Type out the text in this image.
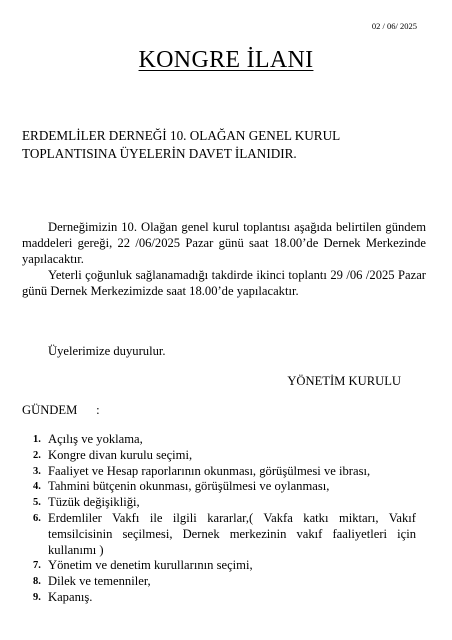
02 / 06/ 2025
KONGRE İLANI
ERDEMLİLER DERNEĞİ 10. OLAĞAN GENEL KURUL TOPLANTISINA ÜYELERİN DAVET İLANIDIR.

Derneğimizin 10. Olağan genel kurul toplantısı aşağıda belirtilen gündem maddeleri gereği, 22 /06/2025 Pazar günü saat 18.00’de Dernek Merkezinde yapılacaktır.

Yeterli çoğunluk sağlanamadığı takdirde ikinci toplantı 29 /06 /2025 Pazar günü Dernek Merkezimizde saat 18.00’de yapılacaktır.

Üyelerimize duyurulur.

YÖNETİM KURULU
GÜNDEM      :
1. Açılış ve yoklama,
2. Kongre divan kurulu seçimi,
3. Faaliyet ve Hesap raporlarının okunması, görüşülmesi ve ibrası,
4. Tahmini bütçenin okunması, görüşülmesi ve oylanması,
5. Tüzük değişikliği,
6. Erdemliler Vakfı ile ilgili kararlar,( Vakfa katkı miktarı, Vakıf temsilcisinin seçilmesi, Dernek merkezinin vakıf faaliyetleri için kullanımı )
7. Yönetim ve denetim kurullarının seçimi,
8. Dilek ve temenniler,
9. Kapanış.
